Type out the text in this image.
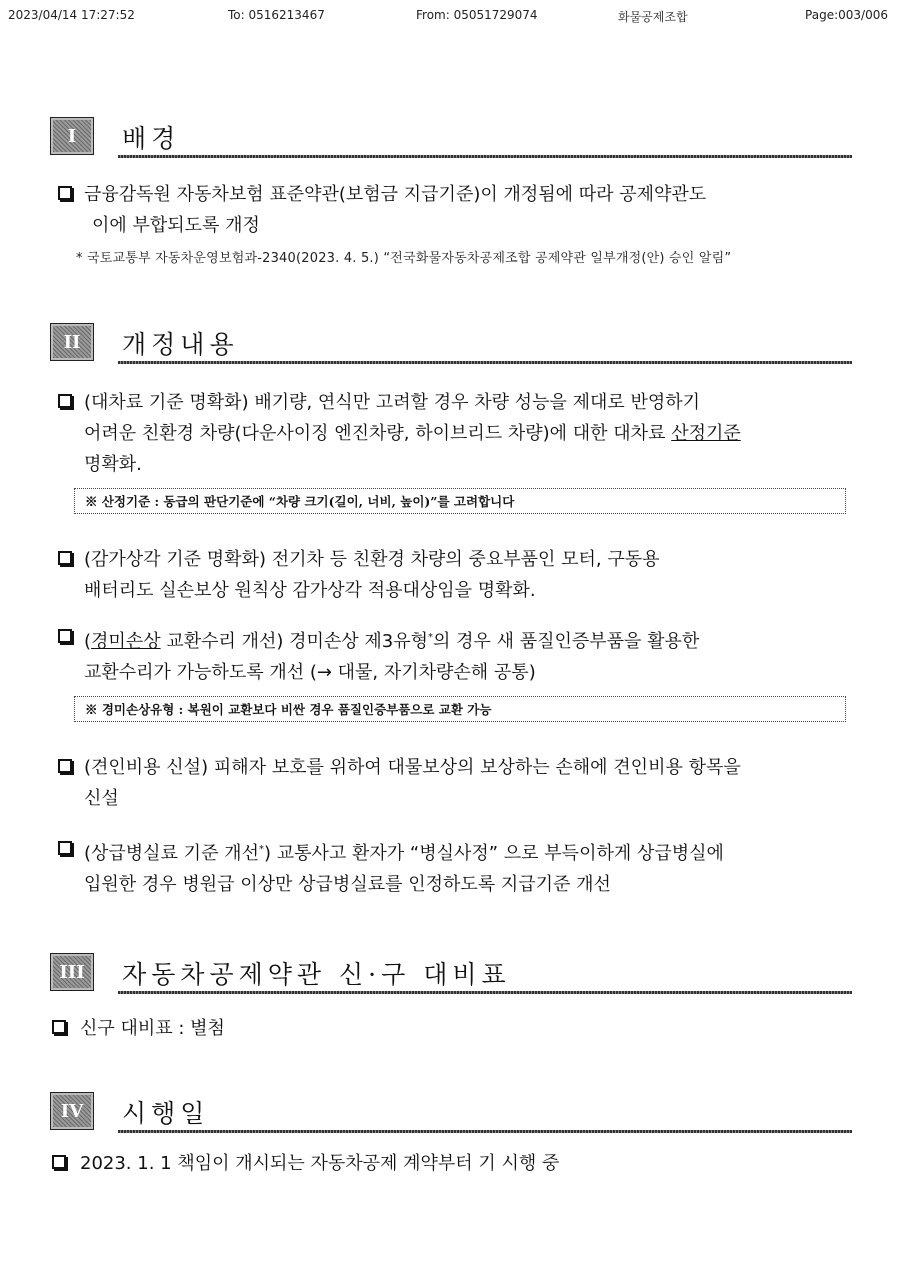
2023/04/14 17:27:52	To: 0516213467	From: 05051729074	화물공제조합	Page:003/006
I	배경
금융감독원 자동차보험 표준약관(보험금 지급기준)이 개정됨에 따라 공제약관도
이에 부합되도록 개정
* 국토교통부 자동차운영보험과-2340(2023. 4. 5.) “전국화물자동차공제조합 공제약관 일부개정(안) 승인 알림”
II	개정내용
(대차료 기준 명확화) 배기량, 연식만 고려할 경우 차량 성능을 제대로 반영하기
어려운 친환경 차량(다운사이징 엔진차량, 하이브리드 차량)에 대한 대차료 산정기준
명확화.
※ 산정기준 : 동급의 판단기준에 “차량 크기(길이, 너비, 높이)”를 고려합니다
(감가상각 기준 명확화) 전기차 등 친환경 차량의 중요부품인 모터, 구동용
배터리도 실손보상 원칙상 감가상각 적용대상임을 명확화.
(경미손상 교환수리 개선) 경미손상 제3유형*의 경우 새 품질인증부품을 활용한
교환수리가 가능하도록 개선 (→ 대물, 자기차량손해 공통)
※ 경미손상유형 : 복원이 교환보다 비싼 경우 품질인증부품으로 교환 가능
(견인비용 신설) 피해자 보호를 위하여 대물보상의 보상하는 손해에 견인비용 항목을
신설
(상급병실료 기준 개선*) 교통사고 환자가 “병실사정” 으로 부득이하게 상급병실에
입원한 경우 병원급 이상만 상급병실료를 인정하도록 지급기준 개선
III	자동차공제약관 신·구 대비표
신구 대비표 : 별첨
IV	시행일
2023. 1. 1 책임이 개시되는 자동차공제 계약부터 기 시행 중
